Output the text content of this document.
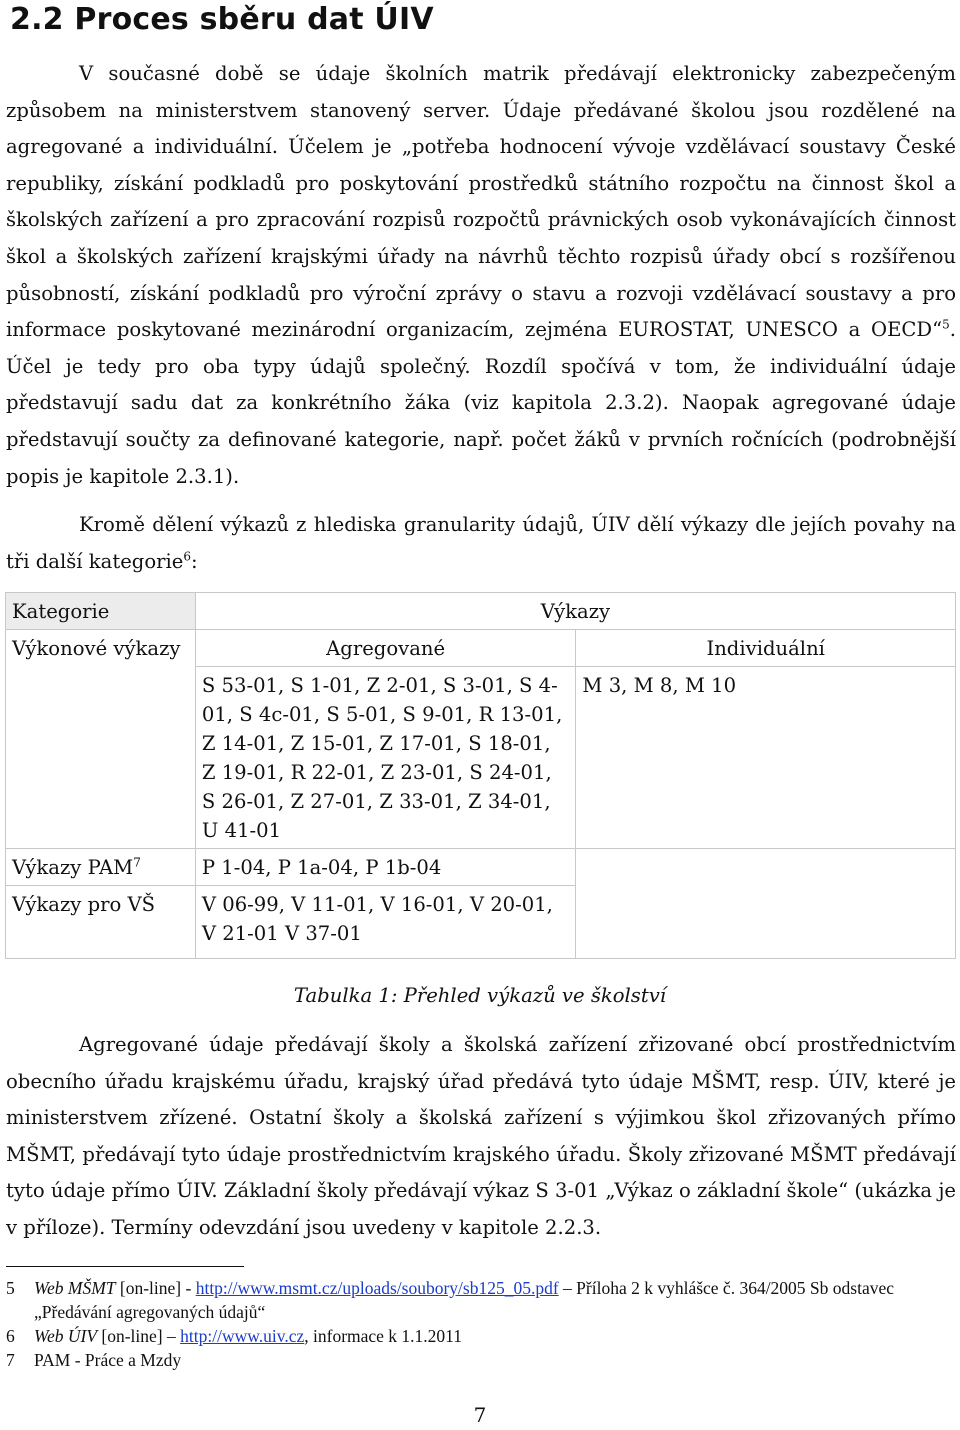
2.2 Proces sběru dat ÚIV

V současné době se údaje školních matrik předávají elektronicky zabezpečeným způsobem na ministerstvem stanovený server. Údaje předávané školou jsou rozdělené na agregované a individuální. Účelem je „potřeba hodnocení vývoje vzdělávací soustavy České republiky, získání podkladů pro poskytování prostředků státního rozpočtu na činnost škol a školských zařízení a pro zpracování rozpisů rozpočtů právnických osob vykonávajících činnost škol a školských zařízení krajskými úřady na návrhů těchto rozpisů úřady obcí s rozšířenou působností, získání podkladů pro výroční zprávy o stavu a rozvoji vzdělávací soustavy a pro informace poskytované mezinárodní organizacím, zejména EUROSTAT, UNESCO a OECD“$^5$. Účel je tedy pro oba typy údajů společný. Rozdíl spočívá v tom, že individuální údaje představují sadu dat za konkrétního žáka (viz kapitola 2.3.2). Naopak agregované údaje představují součty za definované kategorie, např. počet žáků v prvních ročnících (podrobnější popis je kapitole 2.3.1).

Kromě dělení výkazů z hlediska granularity údajů, ÚIV dělí výkazy dle jejích povahy na tři další kategorie$^6$:

Kategorie	Výkazy	
Výkonové výkazy	Agregované	Individuální
	S 53-01, S 1-01, Z 2-01, S 3-01, S 4-01, S 4c-01, S 5-01, S 9-01, R 13-01, Z 14-01, Z 15-01, Z 17-01, S 18-01, Z 19-01, R 22-01, Z 23-01, S 24-01, S 26-01, Z 27-01, Z 33-01, Z 34-01, U 41-01	M 3, M 8, M 10
Výkazy PAM$^7$	P 1-04, P 1a-04, P 1b-04	
Výkazy pro VŠ	V 06-99, V 11-01, V 16-01, V 20-01, V 21-01 V 37-01	
Tabulka 1: Přehled výkazů ve školství

Agregované údaje předávají školy a školská zařízení zřizované obcí prostřednictvím obecního úřadu krajskému úřadu, krajský úřad předává tyto údaje MŠMT, resp. ÚIV, které je ministerstvem zřízené. Ostatní školy a školská zařízení s výjimkou škol zřizovaných přímo MŠMT, předávají tyto údaje prostřednictvím krajského úřadu. Školy zřizované MŠMT předávají tyto údaje přímo ÚIV. Základní školy předávají výkaz S 3-01 „Výkaz o základní škole“ (ukázka je v příloze). Termíny odevzdání jsou uvedeny v kapitole 2.2.3.

5 Web MŠMT [on-line] - http://www.msmt.cz/uploads/soubory/sb125_05.pdf – Příloha 2 k vyhlášce č. 364/2005 Sb odstavec „Předávání agregovaných údajů“
6 Web ÚIV [on-line] – http://www.uiv.cz, informace k 1.1.2011
7 PAM - Práce a Mzdy
7
